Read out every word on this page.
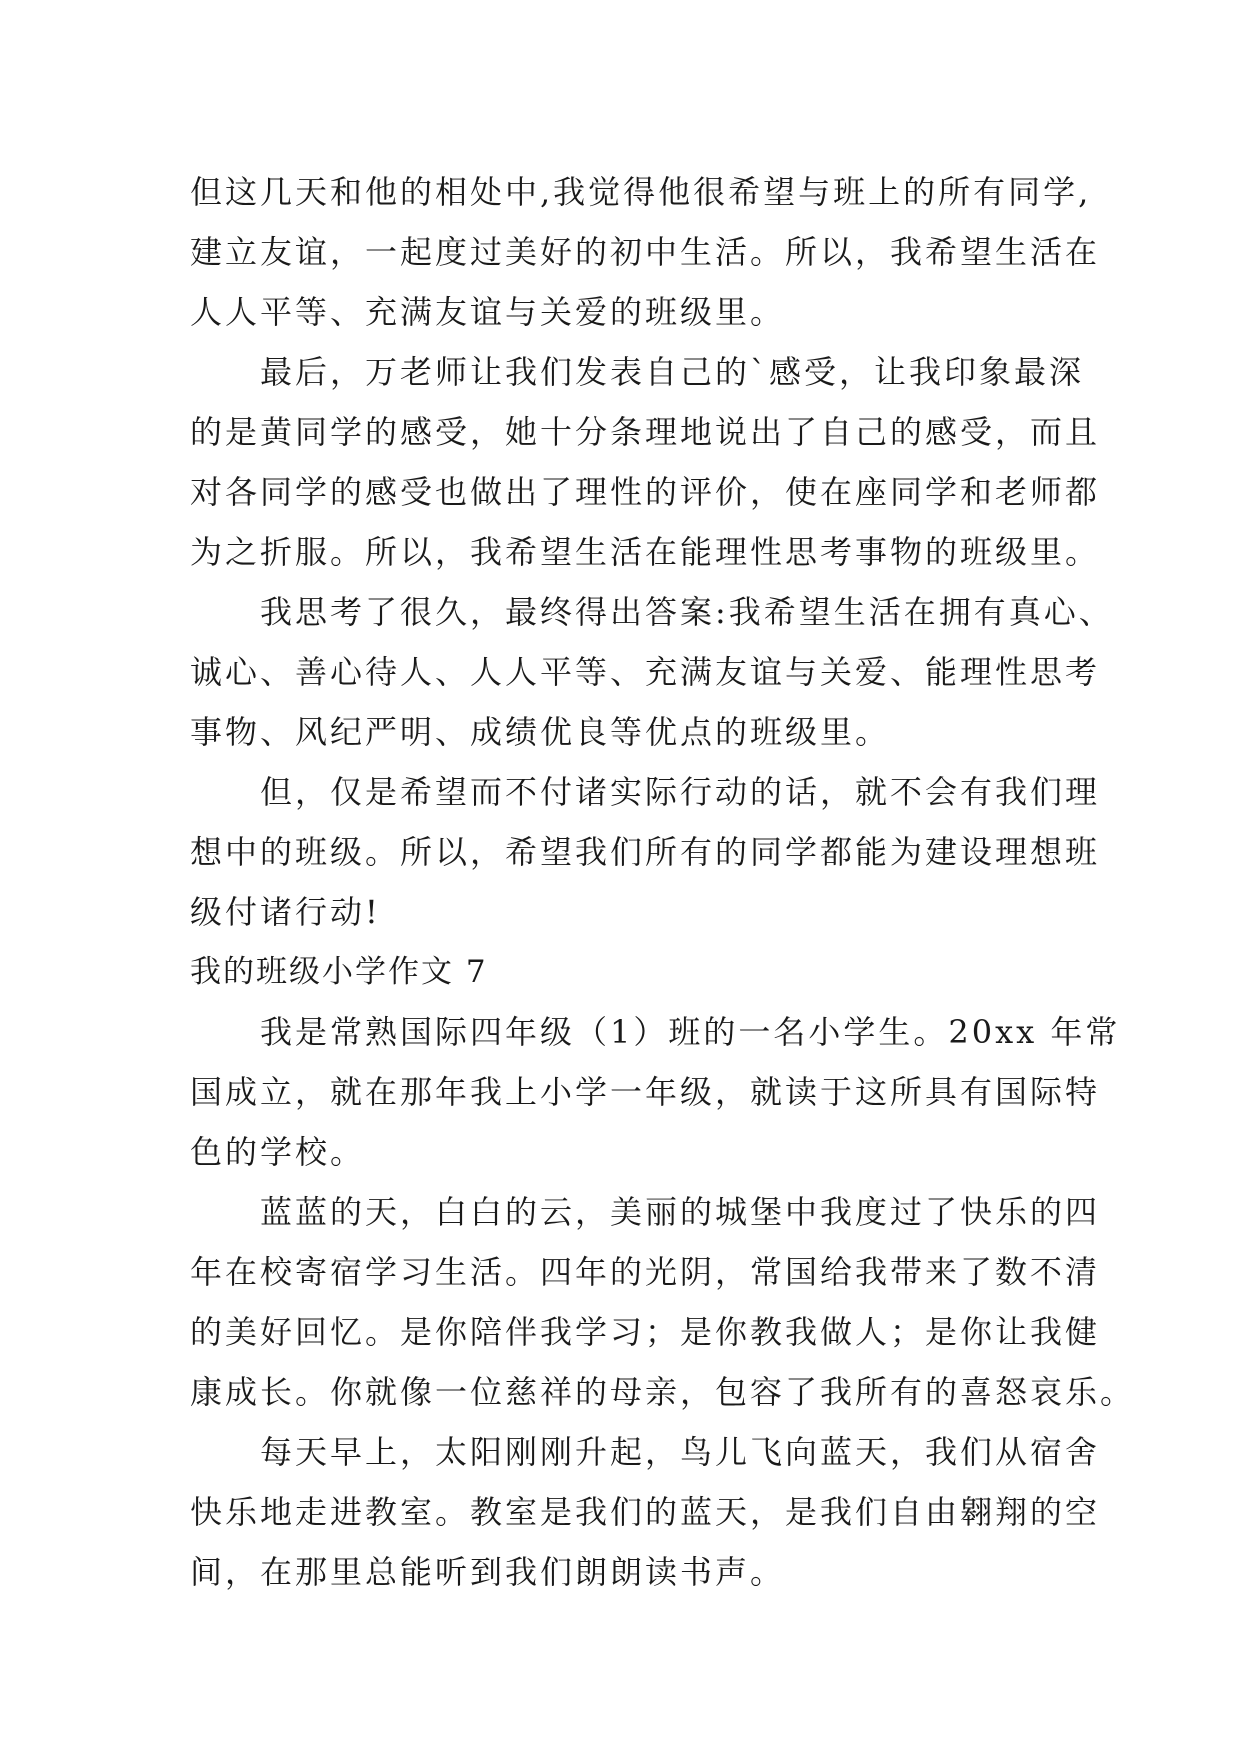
但这几天和他的相处中,我觉得他很希望与班上的所有同学,
建立友谊，一起度过美好的初中生活。所以，我希望生活在
人人平等、充满友谊与关爱的班级里。
最后，万老师让我们发表自己的`感受，让我印象最深
的是黄同学的感受，她十分条理地说出了自己的感受，而且
对各同学的感受也做出了理性的评价，使在座同学和老师都
为之折服。所以，我希望生活在能理性思考事物的班级里。
我思考了很久，最终得出答案:我希望生活在拥有真心、
诚心、善心待人、人人平等、充满友谊与关爱、能理性思考
事物、风纪严明、成绩优良等优点的班级里。
但，仅是希望而不付诸实际行动的话，就不会有我们理
想中的班级。所以，希望我们所有的同学都能为建设理想班
级付诸行动!
我的班级小学作文 7
我是常熟国际四年级（1）班的一名小学生。20xx 年常
国成立，就在那年我上小学一年级，就读于这所具有国际特
色的学校。
蓝蓝的天，白白的云，美丽的城堡中我度过了快乐的四
年在校寄宿学习生活。四年的光阴，常国给我带来了数不清
的美好回忆。是你陪伴我学习；是你教我做人；是你让我健
康成长。你就像一位慈祥的母亲，包容了我所有的喜怒哀乐。
每天早上，太阳刚刚升起，鸟儿飞向蓝天，我们从宿舍
快乐地走进教室。教室是我们的蓝天，是我们自由翱翔的空
间，在那里总能听到我们朗朗读书声。
